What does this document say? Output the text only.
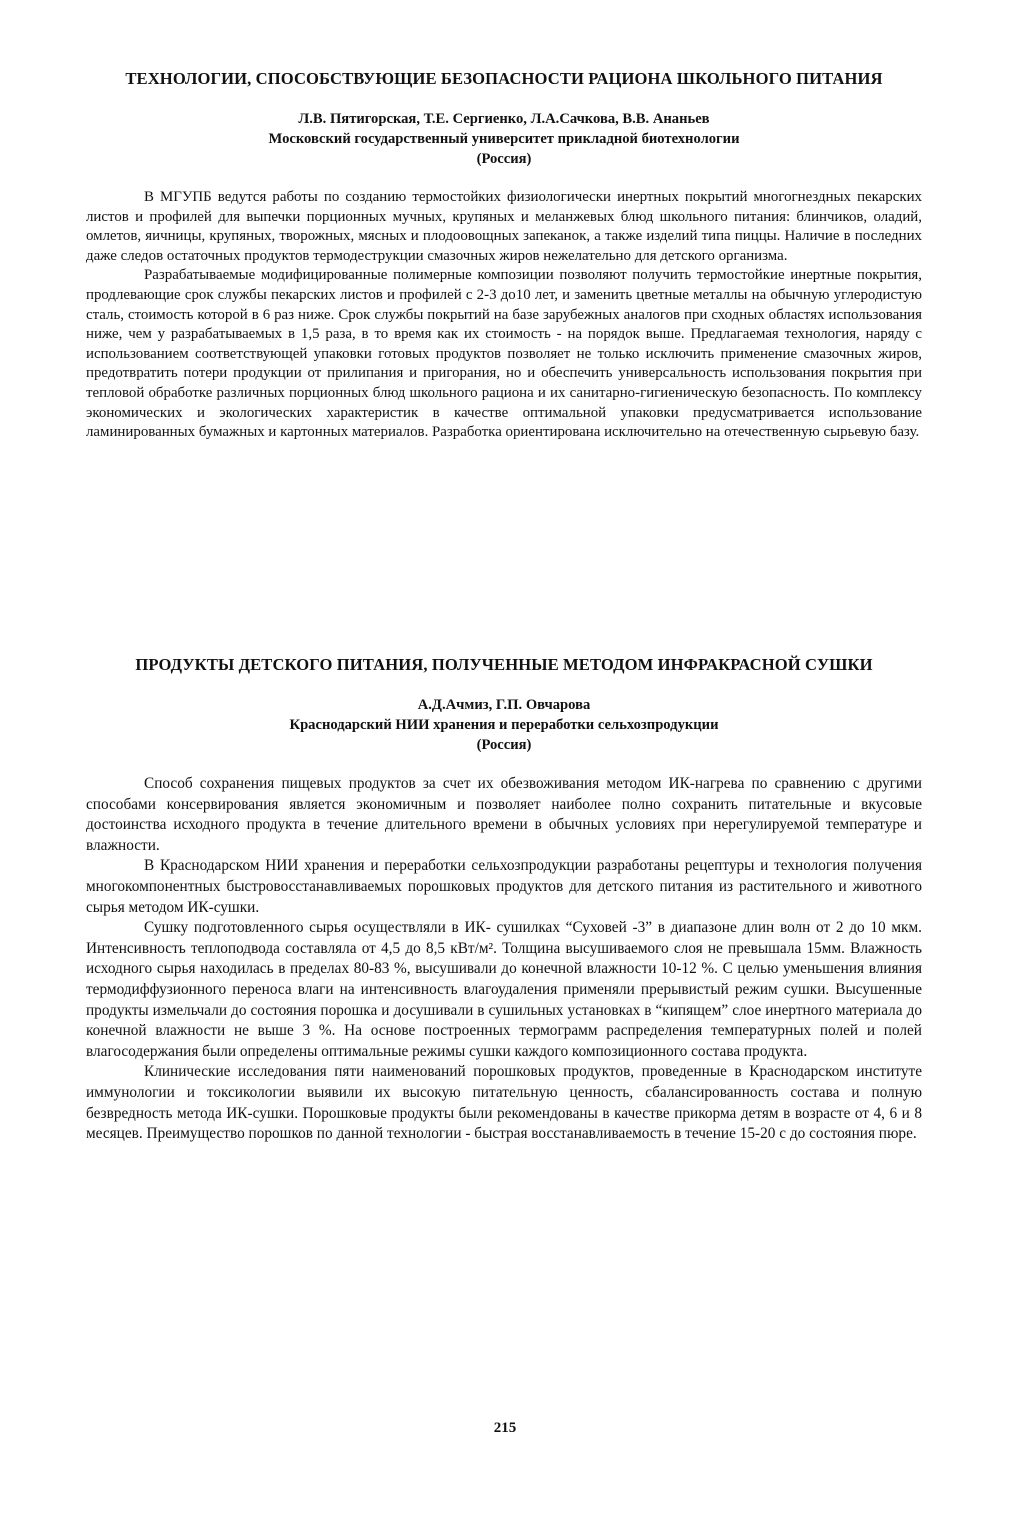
ТЕХНОЛОГИИ, СПОСОБСТВУЮЩИЕ БЕЗОПАСНОСТИ РАЦИОНА ШКОЛЬНОГО ПИТАНИЯ

Л.В. Пятигорская, Т.Е. Сергиенко, Л.А.Сачкова, В.В. Ананьев

Московский государственный университет прикладной биотехнологии

(Россия)

В МГУПБ ведутся работы по созданию термостойких физиологически инертных покрытий многогнездных пекарских листов и профилей для выпечки порционных мучных, крупяных и меланжевых блюд школьного питания: блинчиков, оладий, омлетов, яичницы, крупяных, творожных, мясных и плодоовощных запеканок, а также изделий типа пиццы. Наличие в последних даже следов остаточных продуктов термодеструкции смазочных жиров нежелательно для детского организма.

Разрабатываемые модифицированные полимерные композиции позволяют получить термостойкие инертные покрытия, продлевающие срок службы пекарских листов и профилей с 2-3 до10 лет, и заменить цветные металлы на обычную углеродистую сталь, стоимость которой в 6 раз ниже. Срок службы покрытий на базе зарубежных аналогов при сходных областях использования ниже, чем у разрабатываемых в 1,5 раза, в то время как их стоимость - на порядок выше. Предлагаемая технология, наряду с использованием соответствующей упаковки готовых продуктов позволяет не только исключить применение смазочных жиров, предотвратить потери продукции от прилипания и пригорания, но и обеспечить универсальность использования покрытия при тепловой обработке различных порционных блюд школьного рациона и их санитарно-гигиеническую безопасность. По комплексу экономических и экологических характеристик в качестве оптимальной упаковки предусматривается использование ламинированных бумажных и картонных материалов. Разработка ориентирована исключительно на отечественную сырьевую базу.

ПРОДУКТЫ ДЕТСКОГО ПИТАНИЯ, ПОЛУЧЕННЫЕ МЕТОДОМ ИНФРАКРАСНОЙ СУШКИ

А.Д.Ачмиз, Г.П. Овчарова

Краснодарский НИИ хранения и переработки сельхозпродукции

(Россия)

Способ сохранения пищевых продуктов за счет их обезвоживания методом ИК-нагрева по сравнению с другими способами консервирования является экономичным и позволяет наиболее полно сохранить питательные и вкусовые достоинства исходного продукта в течение длительного времени в обычных условиях при нерегулируемой температуре и влажности.

В Краснодарском НИИ хранения и переработки сельхозпродукции разработаны рецептуры и технология получения многокомпонентных быстровосстанавливаемых порошковых продуктов для детского питания из растительного и животного сырья методом ИК-сушки.

Сушку подготовленного сырья осуществляли в ИК- сушилках “Суховей -3” в диапазоне длин волн от 2 до 10 мкм. Интенсивность теплоподвода составляла от 4,5 до 8,5 кВт/м². Толщина высушиваемого слоя не превышала 15мм. Влажность исходного сырья находилась в пределах 80-83 %, высушивали до конечной влажности 10-12 %. С целью уменьшения влияния термодиффузионного переноса влаги на интенсивность влагоудаления применяли прерывистый режим сушки. Высушенные продукты измельчали до состояния порошка и досушивали в сушильных установках в “кипящем” слое инертного материала до конечной влажности не выше 3 %. На основе построенных термограмм распределения температурных полей и полей влагосодержания были определены оптимальные режимы сушки каждого композиционного состава продукта.

Клинические исследования пяти наименований порошковых продуктов, проведенные в Краснодарском институте иммунологии и токсикологии выявили их высокую питательную ценность, сбалансированность состава и полную безвредность метода ИК-сушки. Порошковые продукты были рекомендованы в качестве прикорма детям в возрасте от 4, 6 и 8 месяцев. Преимущество порошков по данной технологии - быстрая восстанавливаемость в течение 15-20 с до состояния пюре.

215
